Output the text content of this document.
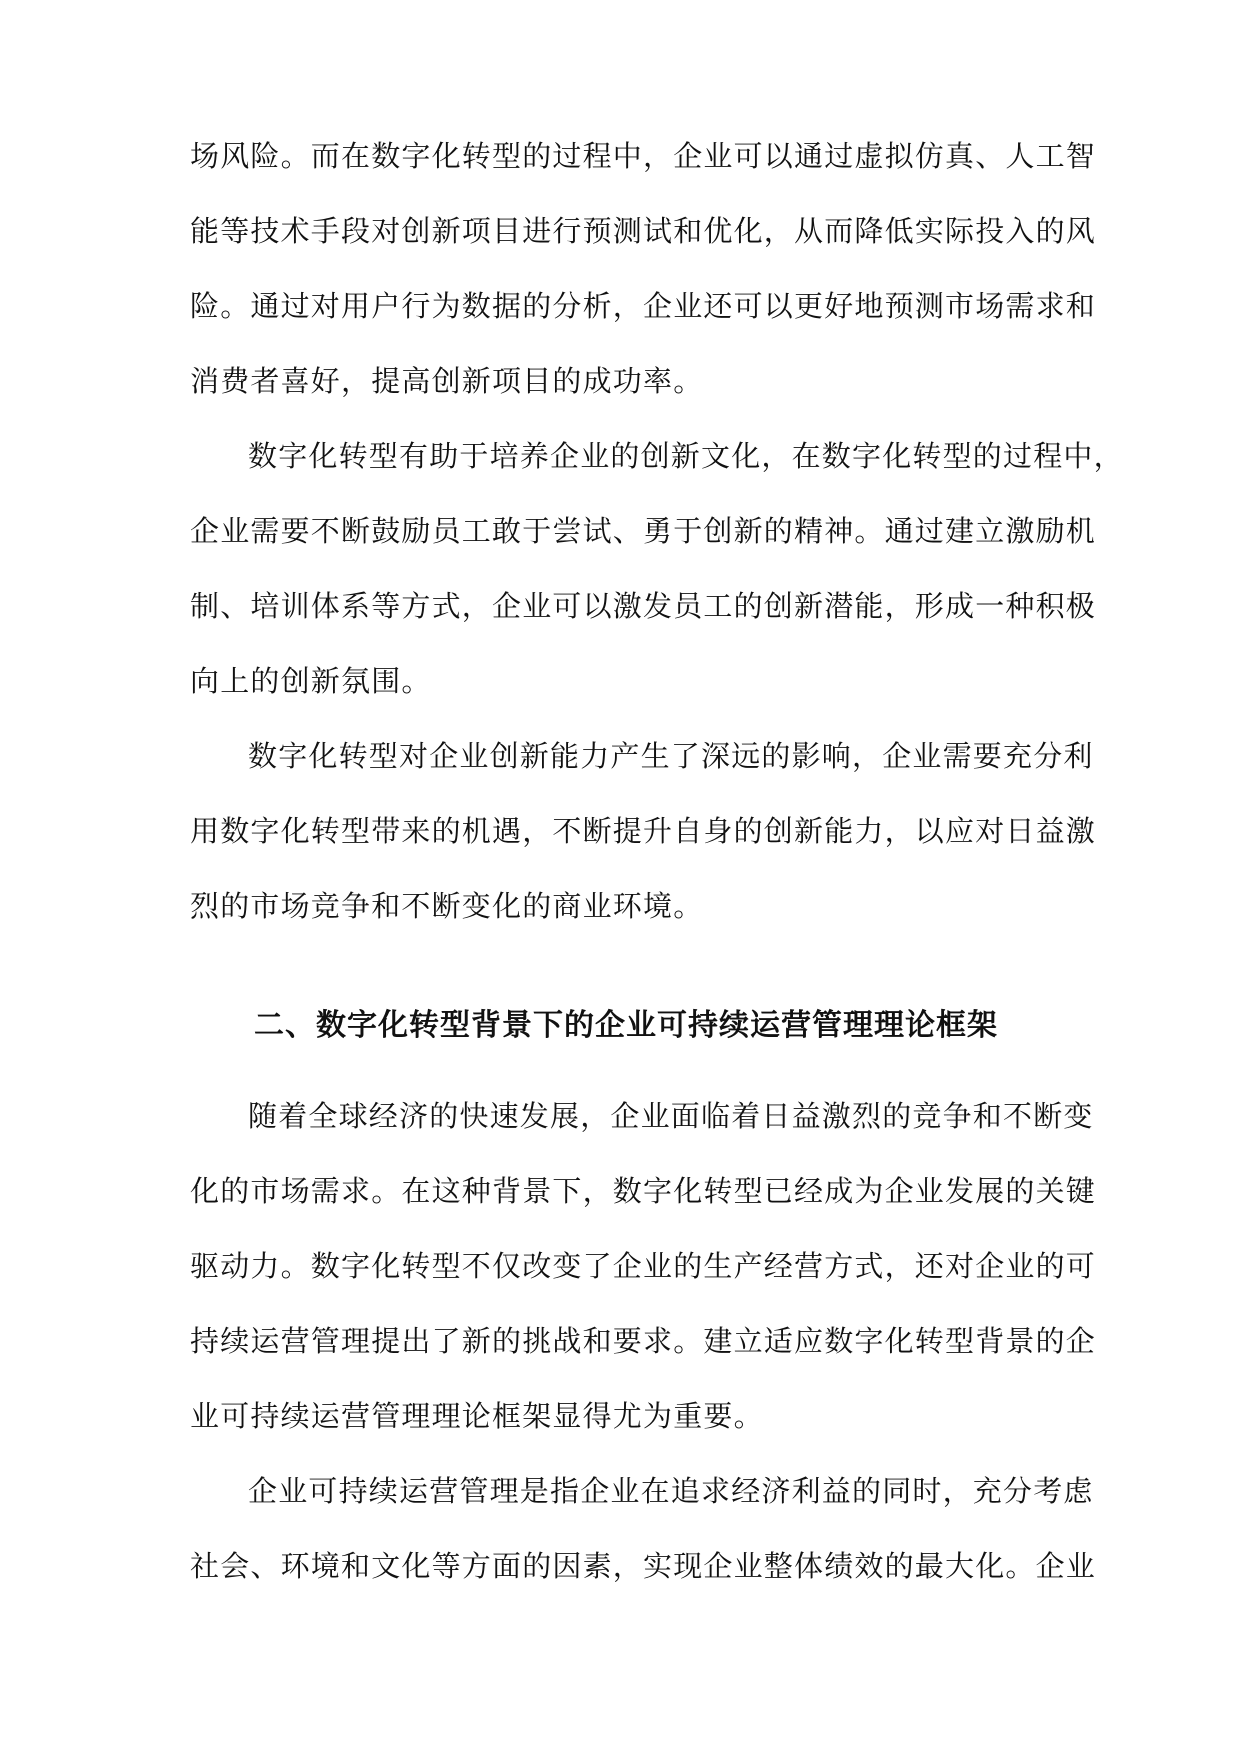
场风险。而在数字化转型的过程中，企业可以通过虚拟仿真、人工智
能等技术手段对创新项目进行预测试和优化，从而降低实际投入的风
险。通过对用户行为数据的分析，企业还可以更好地预测市场需求和
消费者喜好，提高创新项目的成功率。
数字化转型有助于培养企业的创新文化，在数字化转型的过程中，
企业需要不断鼓励员工敢于尝试、勇于创新的精神。通过建立激励机
制、培训体系等方式，企业可以激发员工的创新潜能，形成一种积极
向上的创新氛围。
数字化转型对企业创新能力产生了深远的影响，企业需要充分利
用数字化转型带来的机遇，不断提升自身的创新能力，以应对日益激
烈的市场竞争和不断变化的商业环境。
二、数字化转型背景下的企业可持续运营管理理论框架
随着全球经济的快速发展，企业面临着日益激烈的竞争和不断变
化的市场需求。在这种背景下，数字化转型已经成为企业发展的关键
驱动力。数字化转型不仅改变了企业的生产经营方式，还对企业的可
持续运营管理提出了新的挑战和要求。建立适应数字化转型背景的企
业可持续运营管理理论框架显得尤为重要。
企业可持续运营管理是指企业在追求经济利益的同时，充分考虑
社会、环境和文化等方面的因素，实现企业整体绩效的最大化。企业
